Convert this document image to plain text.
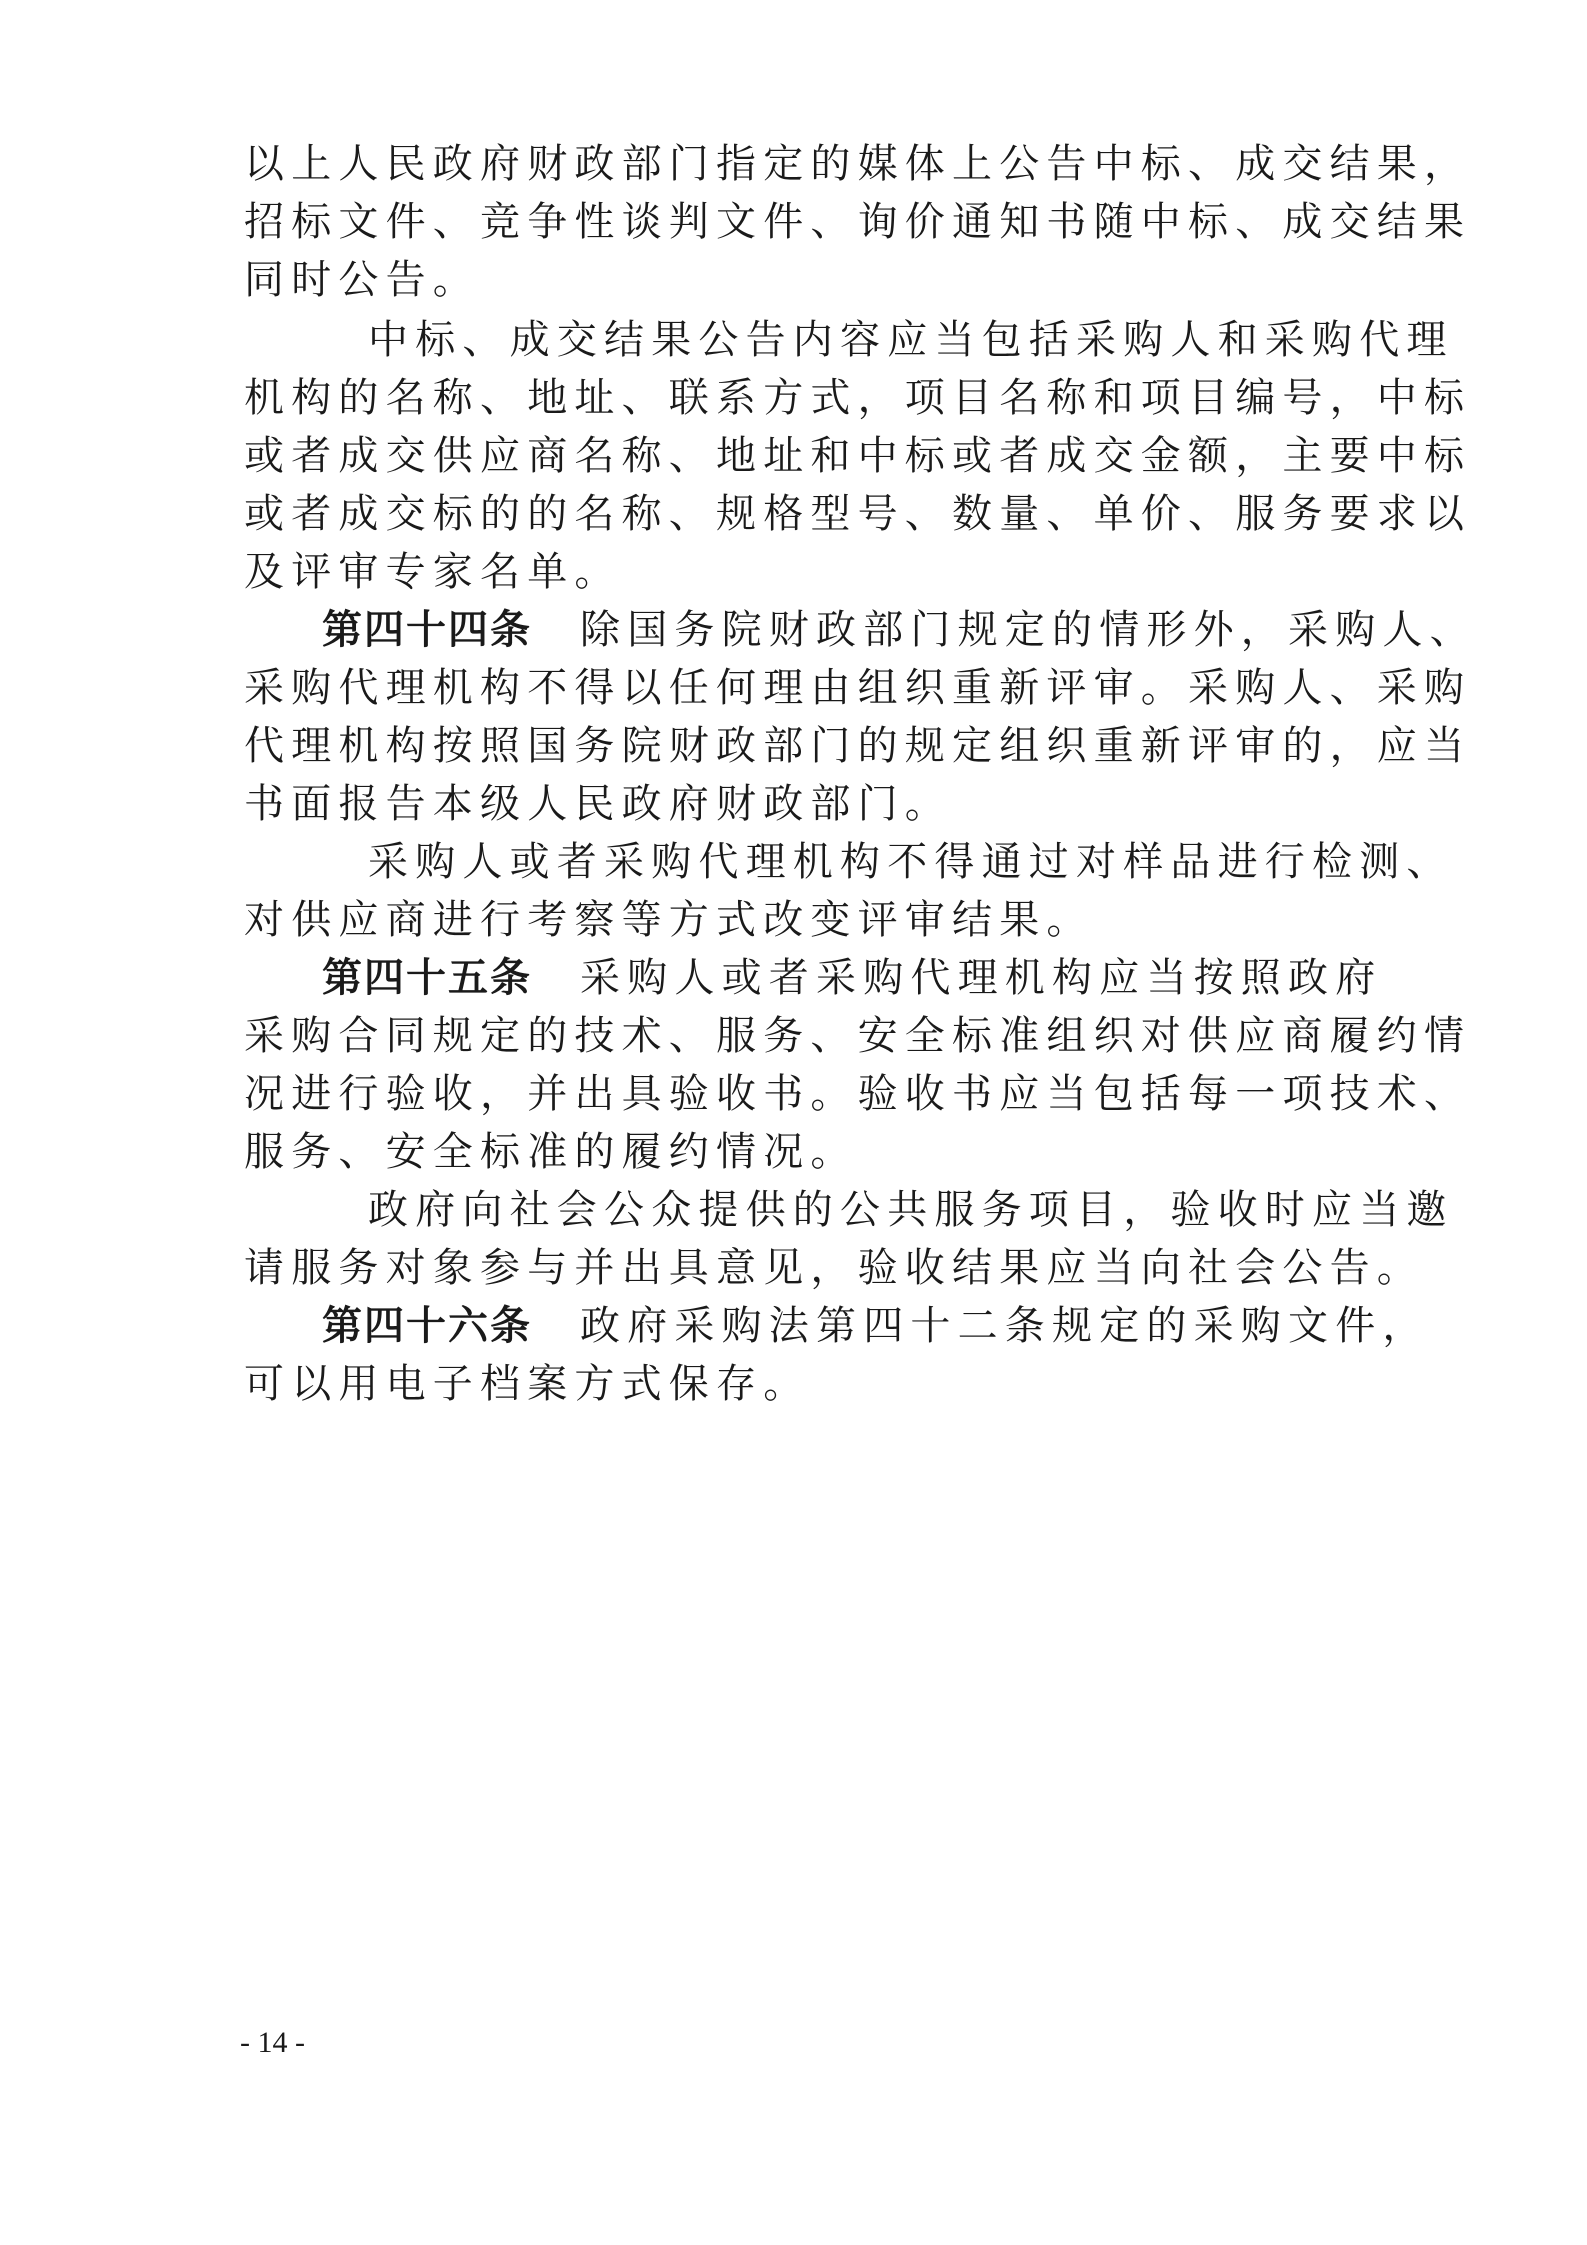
以上人民政府财政部门指定的媒体上公告中标、成交结果，
招标文件、竞争性谈判文件、询价通知书随中标、成交结果
同时公告。
中标、成交结果公告内容应当包括采购人和采购代理
机构的名称、地址、联系方式，项目名称和项目编号，中标
或者成交供应商名称、地址和中标或者成交金额，主要中标
或者成交标的的名称、规格型号、数量、单价、服务要求以
及评审专家名单。
第四十四条 除国务院财政部门规定的情形外，采购人、
采购代理机构不得以任何理由组织重新评审。采购人、采购
代理机构按照国务院财政部门的规定组织重新评审的，应当
书面报告本级人民政府财政部门。
采购人或者采购代理机构不得通过对样品进行检测、
对供应商进行考察等方式改变评审结果。
第四十五条 采购人或者采购代理机构应当按照政府
采购合同规定的技术、服务、安全标准组织对供应商履约情
况进行验收，并出具验收书。验收书应当包括每一项技术、
服务、安全标准的履约情况。
政府向社会公众提供的公共服务项目，验收时应当邀
请服务对象参与并出具意见，验收结果应当向社会公告。
第四十六条 政府采购法第四十二条规定的采购文件，
可以用电子档案方式保存。
- 14 -
